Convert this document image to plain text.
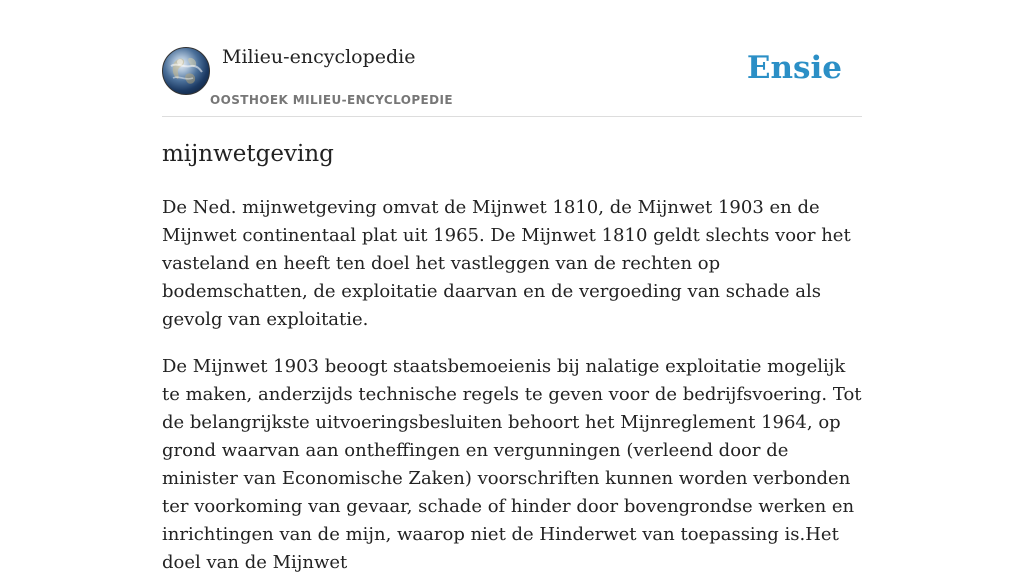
Milieu-encyclopedie
OOSTHOEK MILIEU-ENCYCLOPEDIE
Ensie
mijnwetgeving

De Ned. mijnwetgeving omvat de Mijnwet 1810, de Mijnwet 1903 en de Mijnwet continentaal plat uit 1965. De Mijnwet 1810 geldt slechts voor het vasteland en heeft ten doel het vastleggen van de rechten op bodemschatten, de exploitatie daarvan en de vergoeding van schade als gevolg van exploitatie.

De Mijnwet 1903 beoogt staatsbemoeienis bij nalatige exploitatie mogelijk te maken, anderzijds technische regels te geven voor de bedrijfsvoering. Tot de belangrijkste uitvoeringsbesluiten behoort het Mijnreglement 1964, op grond waarvan aan ontheffingen en vergunningen (verleend door de minister van Economische Zaken) voorschriften kunnen worden verbonden ter voorkoming van gevaar, schade of hinder door bovengrondse werken en inrichtingen van de mijn, waarop niet de Hinderwet van toepassing is.Het doel van de Mijnwet
